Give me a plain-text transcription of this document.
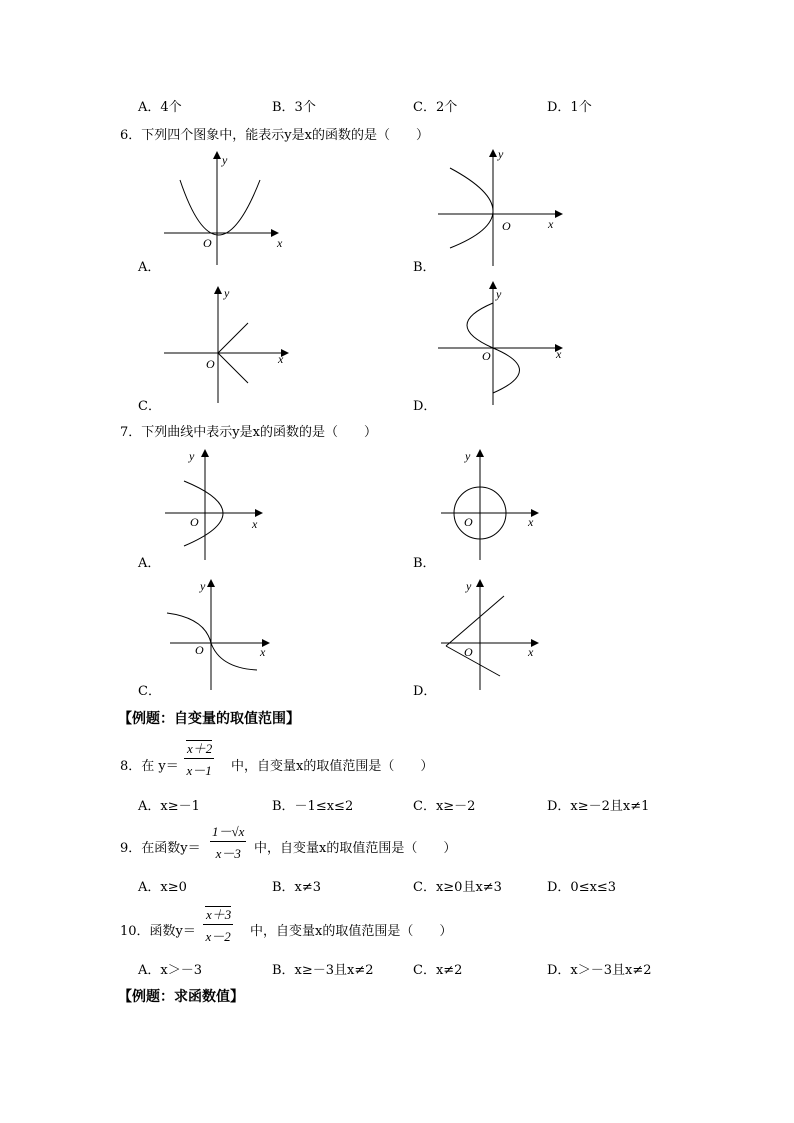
A．4个	B．3个	C．2个	D．1个
6．下列四个图象中，能表示y是x的函数的是（　　）
y
x
O
A．
y
x
O
B．
y
x
O
C．
y
x
O
D．
7．下列曲线中表示y是x的函数的是（　　）
y
x
O
A．
y
x
O
B．
y
x
O
C．
y
x
O
D．
【例题：自变量的取值范围】
8．在 $y= \frac{x+2}{x-1}$ 中，自变量x的取值范围是（　　）
A．x≥－1	B．－1≤x≤2	C．x≥－2	D．x≥－2且x≠1
9．在函数$y= \frac{1-√x}{x-3}$ 中，自变量x的取值范围是（　　）
A．x≥0	B．x≠3	C．x≥0且x≠3	D．0≤x≤3
10．函数$y= \frac{x+3}{x-2}$ 中，自变量x的取值范围是（　　）
A．x＞－3	B．x≥－3且x≠2	C．x≠2	D．x＞－3且x≠2
【例题：求函数值】
